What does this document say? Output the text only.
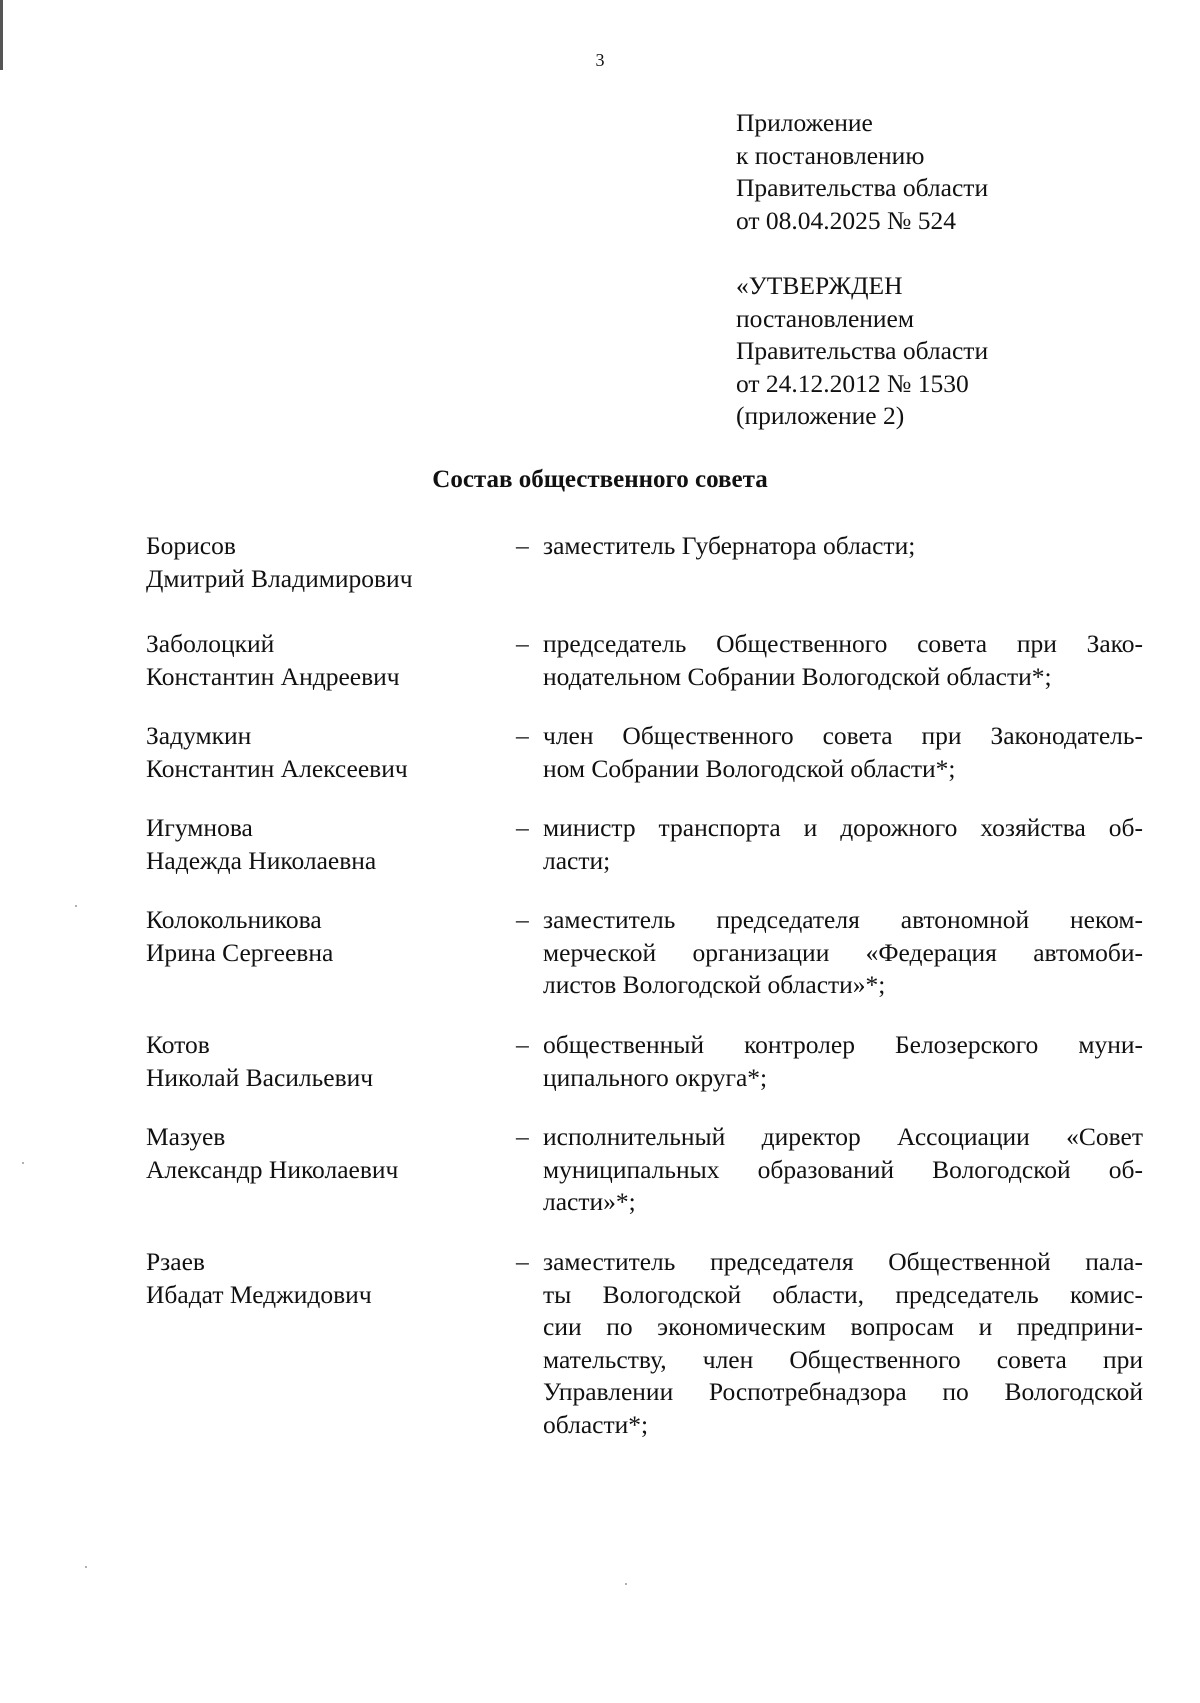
3
Приложение
к постановлению
Правительства области
от 08.04.2025 № 524
«УТВЕРЖДЕН
постановлением
Правительства области
от 24.12.2012 № 1530
(приложение 2)
Состав общественного совета
Борисов
Дмитрий Владимирович
– заместитель Губернатора области;
Заболоцкий
Константин Андреевич
– председатель Общественного совета при Зако-
нодательном Собрании Вологодской области*;
Задумкин
Константин Алексеевич
– член Общественного совета при Законодатель-
ном Собрании Вологодской области*;
Игумнова
Надежда Николаевна
– министр транспорта и дорожного хозяйства об-
ласти;
Колокольникова
Ирина Сергеевна
– заместитель председателя автономной неком-
мерческой организации «Федерация автомоби-
листов Вологодской области»*;
Котов
Николай Васильевич
– общественный контролер Белозерского муни-
ципального округа*;
Мазуев
Александр Николаевич
– исполнительный директор Ассоциации «Совет
муниципальных образований Вологодской об-
ласти»*;
Рзаев
Ибадат Меджидович
– заместитель председателя Общественной пала-
ты Вологодской области, председатель комис-
сии по экономическим вопросам и предприни-
мательству, член Общественного совета при
Управлении Роспотребнадзора по Вологодской
области*;
